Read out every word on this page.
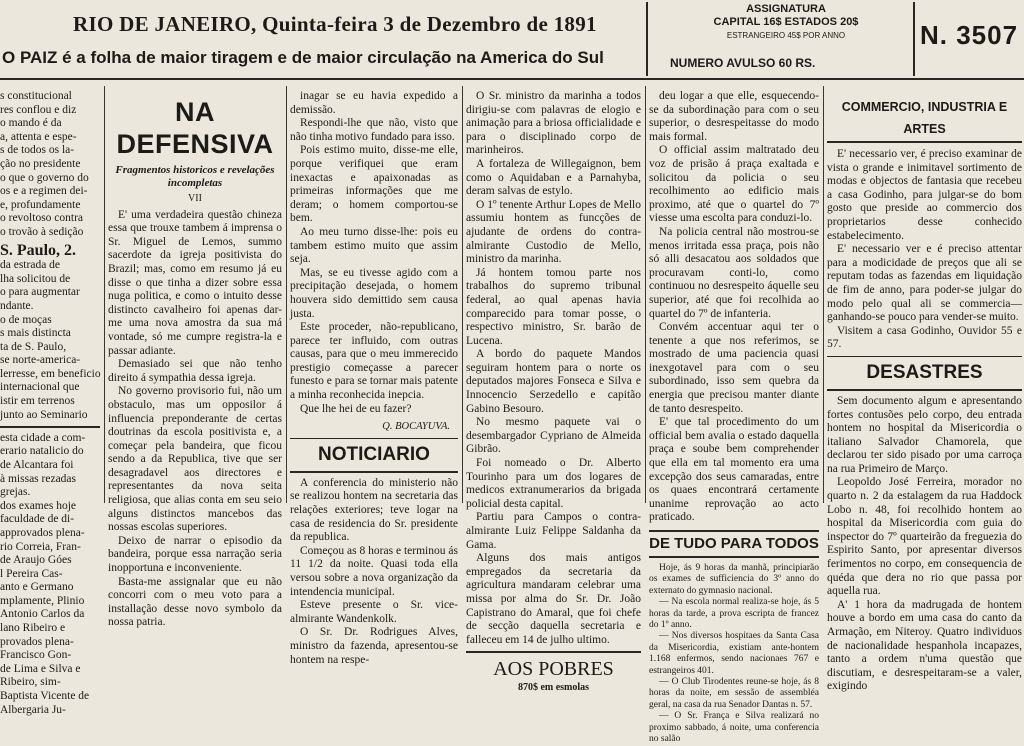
RIO DE JANEIRO, Quinta-feira 3 de Dezembro de 1891
O PAIZ é a folha de maior tiragem e de maior circulação na America do Sul
ASSIGNATURA
CAPITAL 16$ ESTADOS 20$
ESTRANGEIRO 45$ POR ANNO
NUMERO AVULSO 60 RS.
N. 3507
s constitucional
res conflou e diz
o mando é da
a, attenta e espe-
s de todos os la-
ção no presidente
o que o governo do
os e a regimen dei-
e, profundamente
o revoltoso contra
o trovão à sedição
S. Paulo, 2.
da estrada de
lha solicitou de
o para augmentar
ndante.
o de moças
s mais distincta
ta de S. Paulo,
se norte-america-
lerresse, em beneficio
internacional que
istir em terrenos
junto ao Seminario
esta cidade a com-
erario natalicio do
de Alcantara foi
à missas rezadas
grejas.
dos exames hoje
faculdade de di-
approvados plena-
rio Correia, Fran-
de Araujo Góes
l Pereira Cas-
anto e Germano
mplamente, Plinio
Antonio Carlos da
lano Ribeiro e
provados plena-
Francisco Gon-
de Lima e Silva e
Ribeiro, sim-
Baptista Vicente de
Albergaria Ju-
NA DEFENSIVA
Fragmentos historicos e revelações incompletas
VII

E' uma verdadeira questão chineza essa que trouxe tambem á imprensa o Sr. Miguel de Lemos, summo sacerdote da igreja positivista do Brazil; mas, como em resumo já eu disse o que tinha a dizer sobre essa nuga politica, e como o intuito desse distincto cavalheiro foi apenas dar-me uma nova amostra da sua má vontade, só me cumpre registra-la e passar adiante.

Demasiado sei que não tenho direito á sympathia dessa igreja.

No governo provisorio fui, não um obstaculo, mas um opposilor á influencia preponderante de certas doutrinas da escola positivista e, a começar pela bandeira, que ficou sendo a da Republica, tive que ser desagradavel aos directores e representantes da nova seita religiosa, que alias conta em seu seio alguns distinctos mancebos das nossas escolas superiores.

Deixo de narrar o episodio da bandeira, porque essa narração seria inopportuna e inconveniente.

Basta-me assignalar que eu não concorri com o meu voto para a installação desse novo symbolo da nossa patria.

inagar se eu havia expedido a demissão.

Respondi-lhe que não, visto que não tinha motivo fundado para isso.

Pois estimo muito, disse-me elle, porque verifiquei que eram inexactas e apaixonadas as primeiras informações que me deram; o homem comportou-se bem.

Ao meu turno disse-lhe: pois eu tambem estimo muito que assim seja.

Mas, se eu tivesse agido com a precipitação desejada, o homem houvera sido demittido sem causa justa.

Este proceder, não-republicano, parece ter influido, com outras causas, para que o meu immerecido prestigio começasse a parecer funesto e para se tornar mais patente a minha reconhecida inepcia.

Que lhe hei de eu fazer?

Q. BOCAYUVA.

NOTICIARIO

A conferencia do ministerio não se realizou hontem na secretaria das relações exteriores; teve logar na casa de residencia do Sr. presidente da republica.

Começou as 8 horas e terminou ás 11 1/2 da noite. Quasi toda ella versou sobre a nova organização da intendencia municipal.

Esteve presente o Sr. vice-almirante Wandenkolk.

O Sr. Dr. Rodrigues Alves, ministro da fazenda, apresentou-se hontem na respe-

O Sr. ministro da marinha a todos dirigiu-se com palavras de elogio e animação para a briosa officialidade e para o disciplinado corpo de marinheiros.

A fortaleza de Willegaignon, bem como o Aquidaban e a Parnahyba, deram salvas de estylo.

O 1º tenente Arthur Lopes de Mello assumiu hontem as funcções de ajudante de ordens do contra-almirante Custodio de Mello, ministro da marinha.

Já hontem tomou parte nos trabalhos do supremo tribunal federal, ao qual apenas havia comparecido para tomar posse, o respectivo ministro, Sr. barão de Lucena.

A bordo do paquete Mandos seguiram hontem para o norte os deputados majores Fonseca e Silva e Innocencio Serzedello e capitão Gabino Besouro.

No mesmo paquete vai o desembargador Cypriano de Almeida Gibrão.

Foi nomeado o Dr. Alberto Tourinho para um dos logares de medicos extranumerarios da brigada policial desta capital.

Partiu para Campos o contra-almirante Luiz Felippe Saldanha da Gama.

Alguns dos mais antigos empregados da secretaria da agricultura mandaram celebrar uma missa por alma do Sr. Dr. João Capistrano do Amaral, que foi chefe de secção daquella secretaria e falleceu em 14 de julho ultimo.

AOS POBRES
870$ em esmolas

deu logar a que elle, esquecendo-se da subordinação para com o seu superior, o desrespeitasse do modo mais formal.

O official assim maltratado deu voz de prisão á praça exaltada e solicitou da policia o seu recolhimento ao edificio mais proximo, até que o quartel do 7º viesse uma escolta para conduzi-lo.

Na policia central não mostrou-se menos irritada essa praça, pois não só alli desacatou aos soldados que procuravam conti-lo, como continuou no desrespeito áquelle seu superior, até que foi recolhida ao quartel do 7º de infanteria.

Convém accentuar aqui ter o tenente a que nos referimos, se mostrado de uma paciencia quasi inexgotavel para com o seu subordinado, isso sem quebra da energia que precisou manter diante de tanto desrespeito.

E' que tal procedimento do um official bem avalia o estado daquella praça e soube bem comprehender que ella em tal momento era uma excepção dos seus camaradas, entre os quaes encontrará certamente unanime reprovação ao acto praticado.

DE TUDO PARA TODOS

Hoje, ás 9 horas da manhã, principiarão os exames de sufficiencia do 3º anno do externato do gymnasio nacional.

— Na escola normal realiza-se hoje, ás 5 horas da tarde, a prova escripta de francez do 1º anno.

— Nos diversos hospitaes da Santa Casa da Misericordia, existiam ante-hontem 1.168 enfermos, sendo nacionaes 767 e estrangeiros 401.

— O Club Tirodentes reune-se hoje, ás 8 horas da noite, em sessão de assembléa geral, na casa da rua Senador Dantas n. 57.

— O Sr. França e Silva realizará no proximo sabbado, á noite, uma conferencia no salão

COMMERCIO, INDUSTRIA E ARTES

E' necessario ver, é preciso examinar de vista o grande e inimitavel sortimento de modas e objectos de fantasia que recebeu a casa Godinho, para julgar-se do bom gosto que preside ao commercio dos proprietarios desse conhecido estabelecimento.

E' necessario ver e é preciso attentar para a modicidade de preços que ali se reputam todas as fazendas em liquidação de fim de anno, para poder-se julgar do modo pelo qual ali se commercia—ganhando-se pouco para vender-se muito.

Visitem a casa Godinho, Ouvidor 55 e 57.

DESASTRES

Sem documento algum e apresentando fortes contusões pelo corpo, deu entrada hontem no hospital da Misericordia o italiano Salvador Chamorela, que declarou ter sido pisado por uma carroça na rua Primeiro de Março.

Leopoldo José Ferreira, morador no quarto n. 2 da estalagem da rua Haddock Lobo n. 48, foi recolhido hontem ao hospital da Misericordia com guia do inspector do 7º quarteirão da freguezia do Espirito Santo, por apresentar diversos ferimentos no corpo, em consequencia de quéda que dera no rio que passa por aquella rua.

A' 1 hora da madrugada de hontem houve a bordo em uma casa do canto da Armação, em Niteroy. Quatro individuos de nacionalidade hespanhola incapazes, tanto a ordem n'uma questão que discutiam, e desrespeitaram-se a valer, exigindo
